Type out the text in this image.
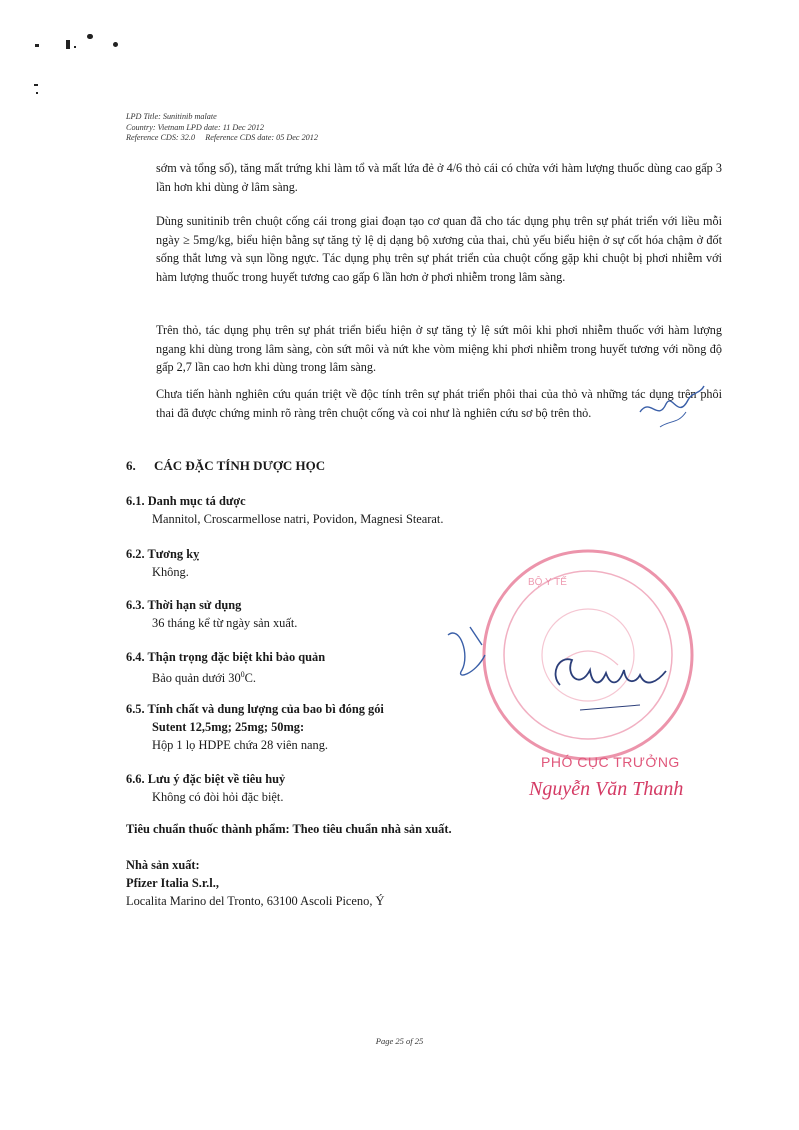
LPD Title: Sunitinib malate
Country: Vietnam LPD date: 11 Dec 2012
Reference CDS: 32.0     Reference CDS date: 05 Dec 2012
sớm và tổng số), tăng mất trứng khi làm tổ và mất lứa đẻ ở 4/6 thỏ cái có chửa với hàm lượng thuốc dùng cao gấp 3 lần hơn khi dùng ở lâm sàng.
Dùng sunitinib trên chuột cống cái trong giai đoạn tạo cơ quan đã cho tác dụng phụ trên sự phát triển với liều mỗi ngày ≥ 5mg/kg, biểu hiện bằng sự tăng tỷ lệ dị dạng bộ xương của thai, chủ yếu biểu hiện ở sự cốt hóa chậm ở đốt sống thắt lưng và sụn lồng ngực. Tác dụng phụ trên sự phát triển của chuột cống gặp khi chuột bị phơi nhiễm với hàm lượng thuốc trong huyết tương cao gấp 6 lần hơn ở phơi nhiễm trong lâm sàng.
Trên thỏ, tác dụng phụ trên sự phát triển biểu hiện ở sự tăng tỷ lệ sứt môi khi phơi nhiễm thuốc với hàm lượng ngang khi dùng trong lâm sàng, còn sứt môi và nứt khe vòm miệng khi phơi nhiễm trong huyết tương với nồng độ gấp 2,7 lần cao hơn khi dùng trong lâm sàng.
Chưa tiến hành nghiên cứu quán triệt về độc tính trên sự phát triển phôi thai của thỏ và những tác dụng trên phôi thai đã được chứng minh rõ ràng trên chuột cống và coi như là nghiên cứu sơ bộ trên thỏ.
6. CÁC ĐẶC TÍNH DƯỢC HỌC
6.1. Danh mục tá dược
Mannitol, Croscarmellose natri, Povidon, Magnesi Stearat.
6.2. Tương kỵ
Không.
6.3. Thời hạn sử dụng
36 tháng kể từ ngày sản xuất.
6.4. Thận trọng đặc biệt khi bảo quản
Bảo quản dưới $30^0C$.
6.5. Tính chất và dung lượng của bao bì đóng gói
Sutent 12,5mg; 25mg; 50mg:
Hộp 1 lọ HDPE chứa 28 viên nang.
6.6. Lưu ý đặc biệt về tiêu huỷ
Không có đòi hỏi đặc biệt.
Tiêu chuẩn thuốc thành phẩm: Theo tiêu chuẩn nhà sản xuất.
Nhà sản xuất:
Pfizer Italia S.r.l.,
Localita Marino del Tronto, 63100 Ascoli Piceno, Ý
BỘ Y TẾ
PHÓ CỤC TRƯỞNG
Nguyễn Văn Thanh
Page 25 of 25
